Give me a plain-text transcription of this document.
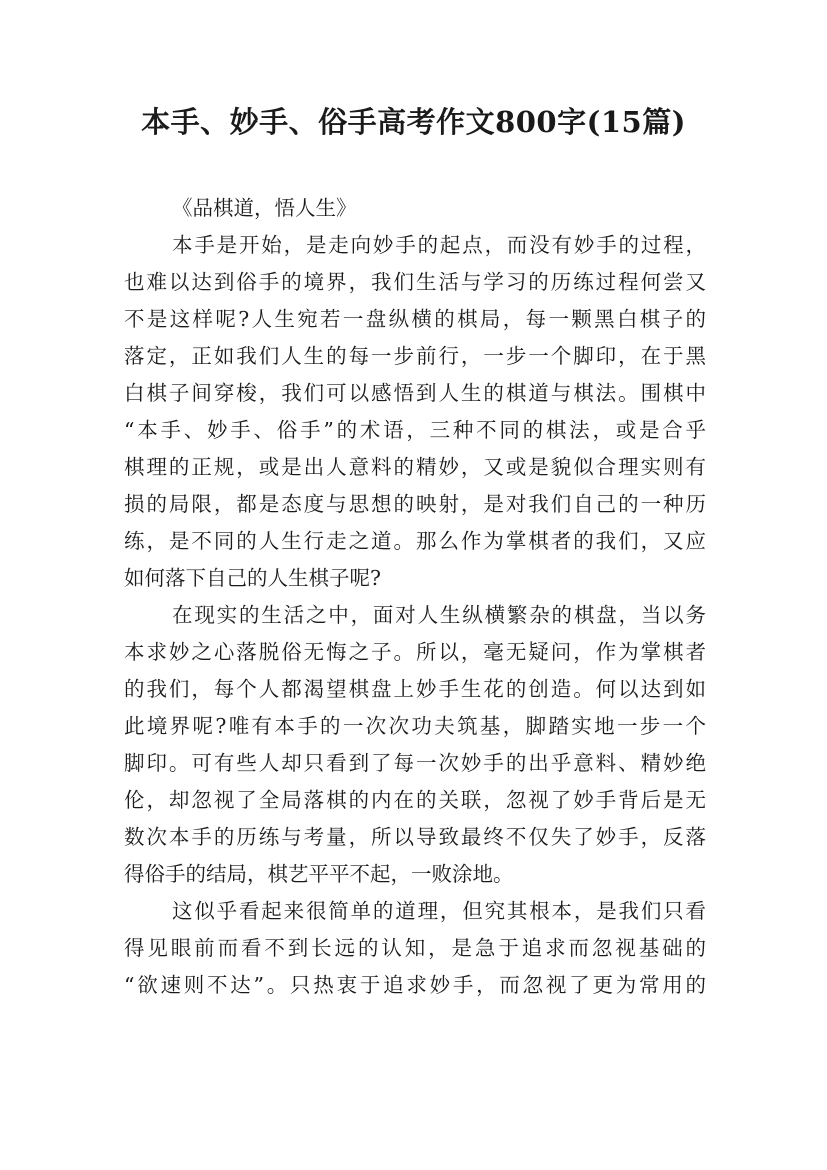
本手、妙手、俗手高考作文800字(15篇)

《品棋道，悟人生》

本手是开始，是走向妙手的起点，而没有妙手的过程，
也难以达到俗手的境界，我们生活与学习的历练过程何尝又
不是这样呢?人生宛若一盘纵横的棋局，每一颗黑白棋子的
落定，正如我们人生的每一步前行，一步一个脚印，在于黑
白棋子间穿梭，我们可以感悟到人生的棋道与棋法。围棋中
“本手、妙手、俗手”的术语，三种不同的棋法，或是合乎
棋理的正规，或是出人意料的精妙，又或是貌似合理实则有
损的局限，都是态度与思想的映射，是对我们自己的一种历
练，是不同的人生行走之道。那么作为掌棋者的我们，又应
如何落下自己的人生棋子呢?
在现实的生活之中，面对人生纵横繁杂的棋盘，当以务
本求妙之心落脱俗无悔之子。所以，毫无疑问，作为掌棋者
的我们，每个人都渴望棋盘上妙手生花的创造。何以达到如
此境界呢?唯有本手的一次次功夫筑基，脚踏实地一步一个
脚印。可有些人却只看到了每一次妙手的出乎意料、精妙绝
伦，却忽视了全局落棋的内在的关联，忽视了妙手背后是无
数次本手的历练与考量，所以导致最终不仅失了妙手，反落
得俗手的结局，棋艺平平不起，一败涂地。
这似乎看起来很简单的道理，但究其根本，是我们只看
得见眼前而看不到长远的认知，是急于追求而忽视基础的
“欲速则不达”。只热衷于追求妙手，而忽视了更为常用的
